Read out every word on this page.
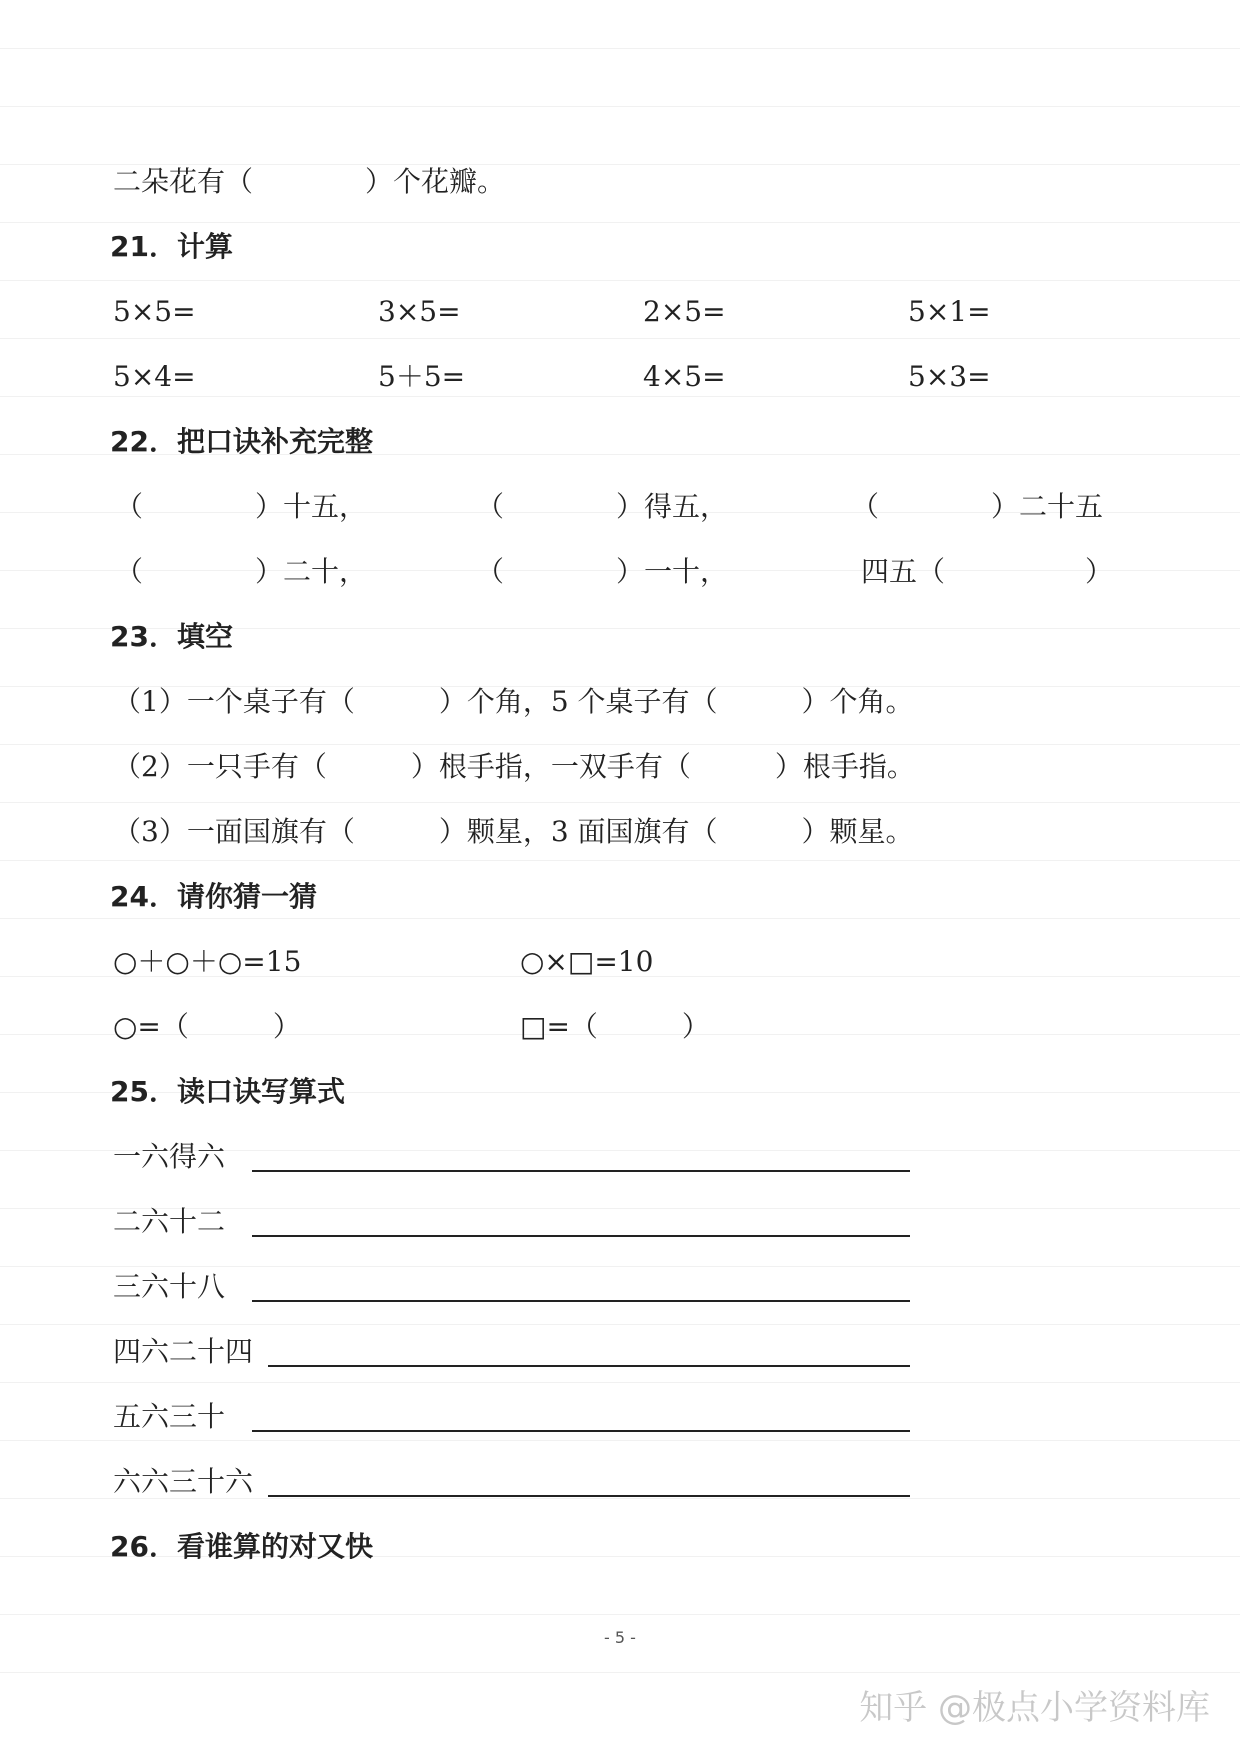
二朵花有（　　　　）个花瓣。
21．计算
5×5=	3×5=	2×5=	5×1=
5×4=	5＋5=	4×5=	5×3=
22．把口诀补充完整
（　　　　）十五，	（　　　　）得五，	（　　　　）二十五
（　　　　）二十，	（　　　　）一十，	四五（　　　　　）
23．填空
（1）一个桌子有（　　　）个角，5 个桌子有（　　　）个角。
（2）一只手有（　　　）根手指，一双手有（　　　）根手指。
（3）一面国旗有（　　　）颗星，3 面国旗有（　　　）颗星。
24．请你猜一猜
○＋○＋○=15	○×□=10
○=（　　　）	□=（　　　）
25．读口诀写算式
一六得六
二六十二
三六十八
四六二十四
五六三十
六六三十六
26．看谁算的对又快
- 5 -
知乎 @极点小学资料库
